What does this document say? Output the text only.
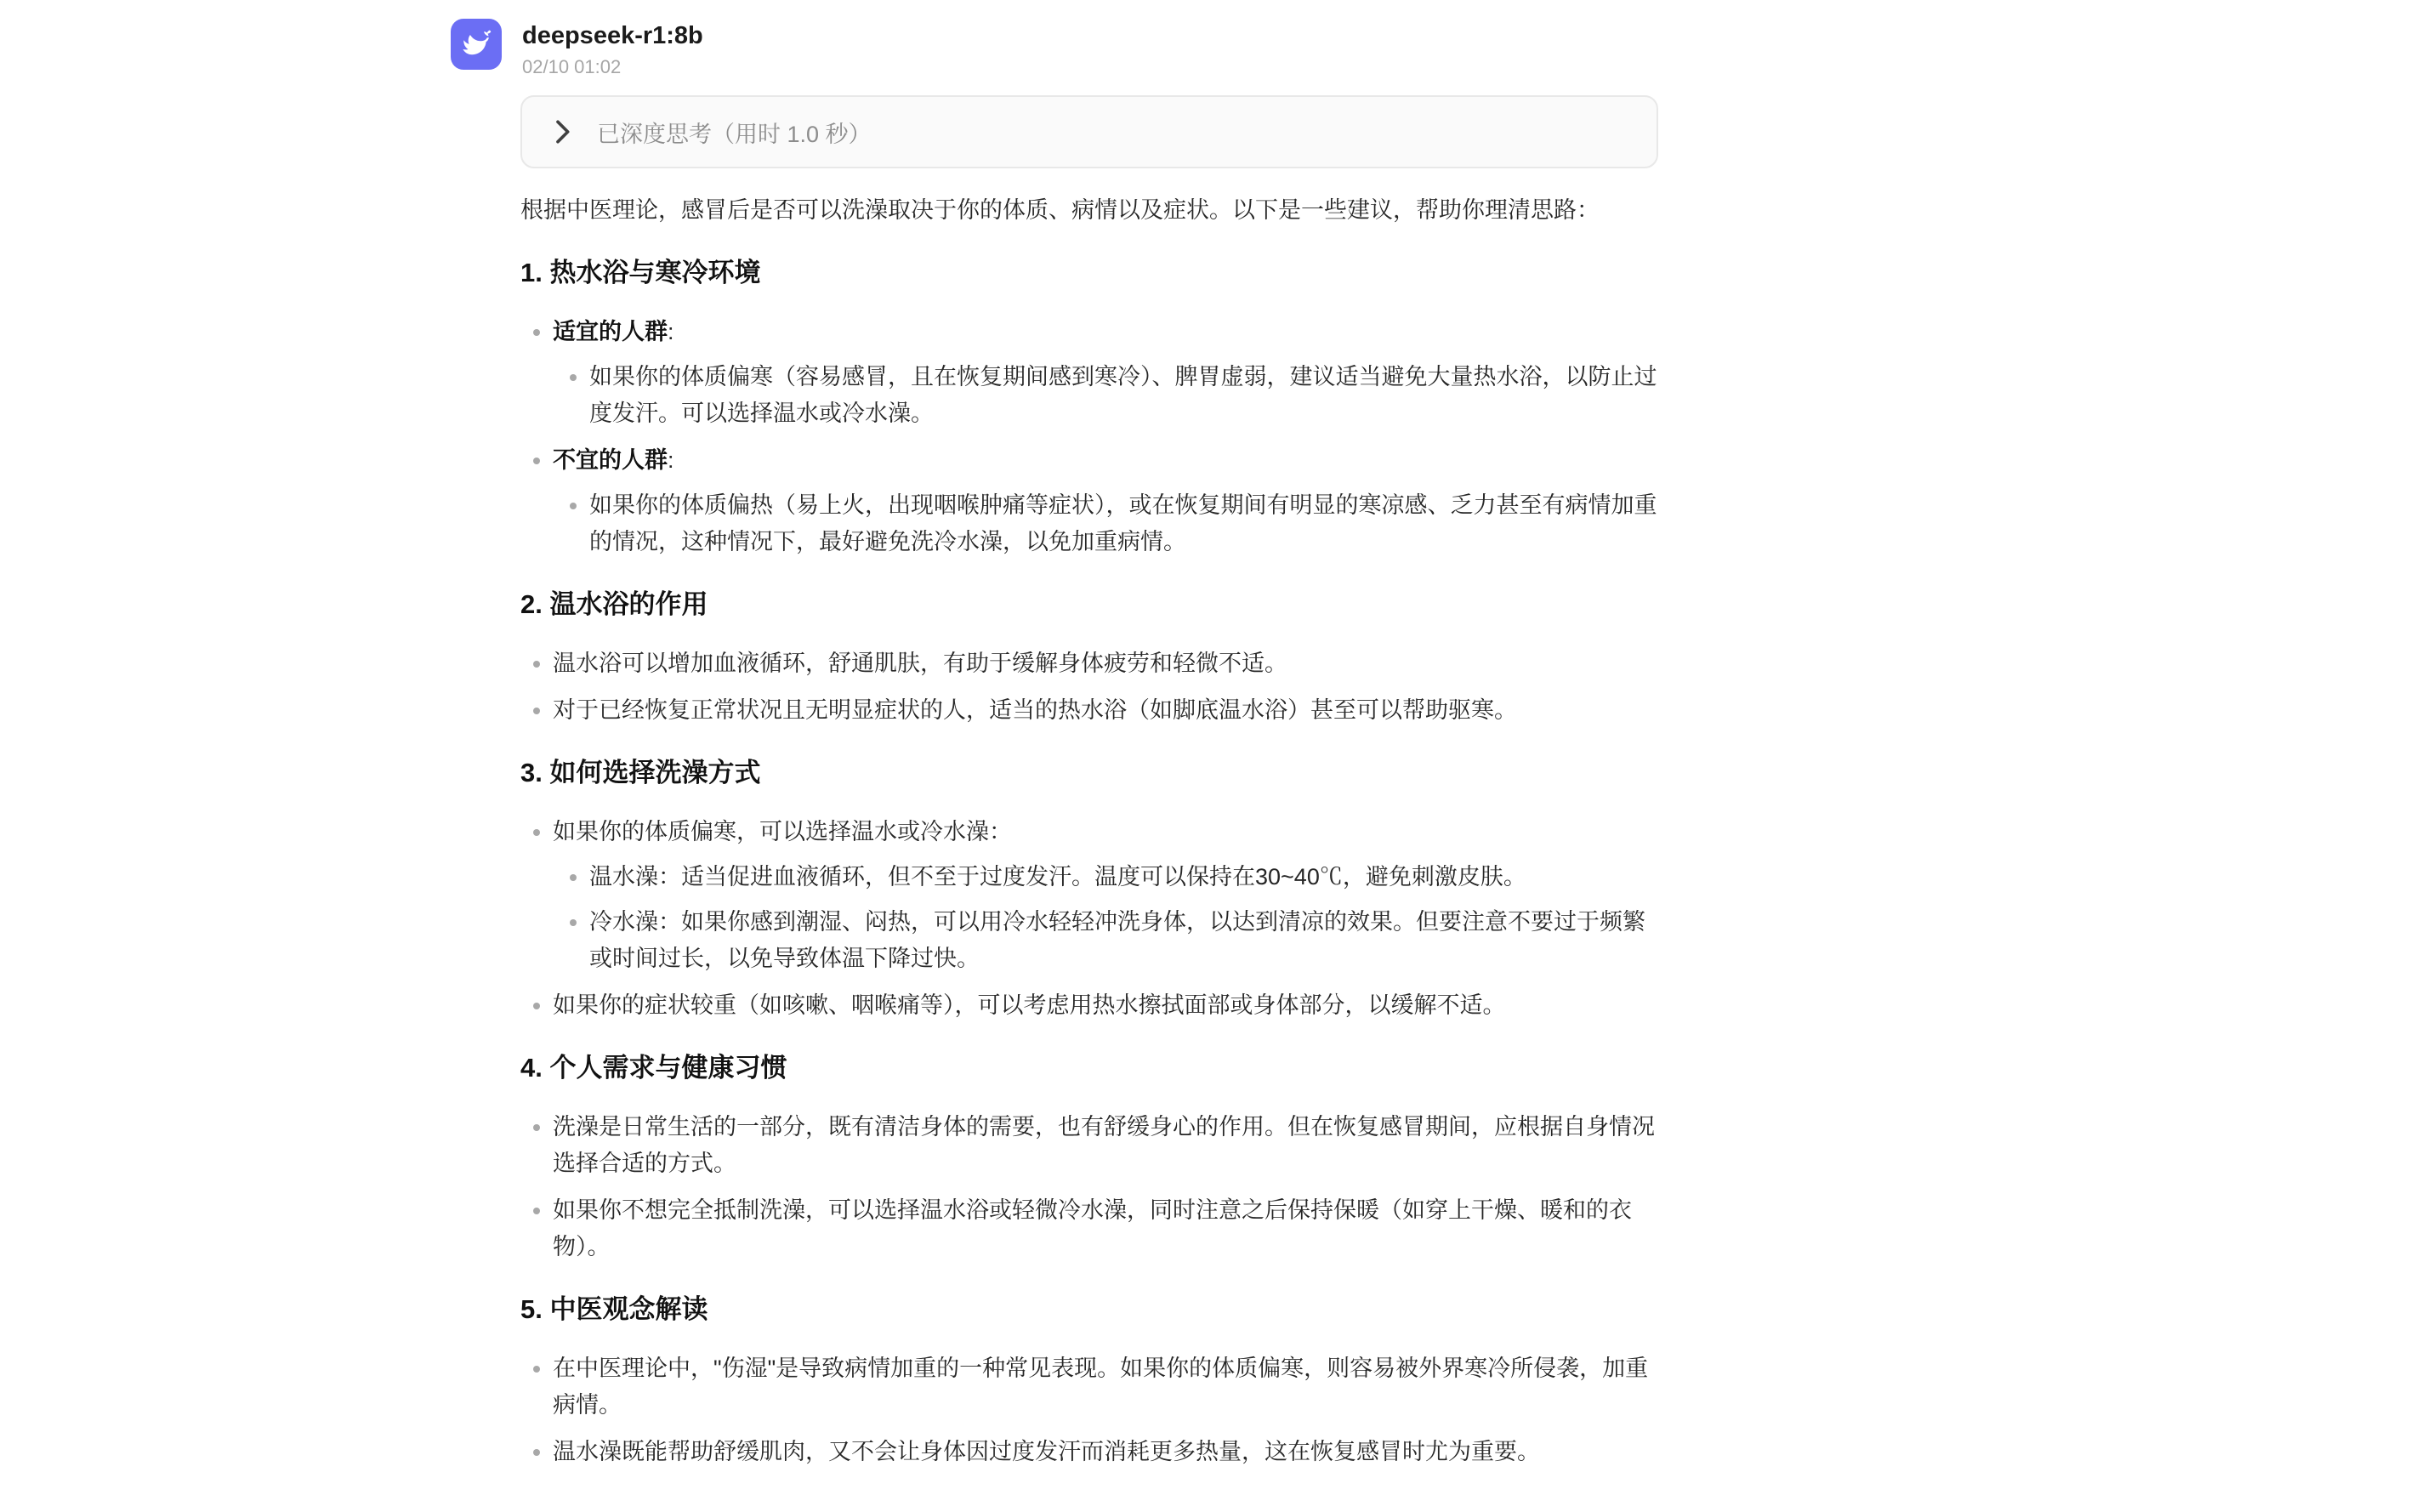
deepseek-r1:8b
02/10 01:02
已深度思考（用时 1.0 秒）

根据中医理论，感冒后是否可以洗澡取决于你的体质、病情以及症状。以下是一些建议，帮助你理清思路：

1. 热水浴与寒冷环境
适宜的人群:
如果你的体质偏寒（容易感冒，且在恢复期间感到寒冷）、脾胃虚弱，建议适当避免大量热水浴，以防止过度发汗。可以选择温水或冷水澡。
不宜的人群:
如果你的体质偏热（易上火，出现咽喉肿痛等症状），或在恢复期间有明显的寒凉感、乏力甚至有病情加重的情况，这种情况下，最好避免洗冷水澡，以免加重病情。
2. 温水浴的作用
温水浴可以增加血液循环，舒通肌肤，有助于缓解身体疲劳和轻微不适。
对于已经恢复正常状况且无明显症状的人，适当的热水浴（如脚底温水浴）甚至可以帮助驱寒。
3. 如何选择洗澡方式
如果你的体质偏寒，可以选择温水或冷水澡：
温水澡：适当促进血液循环，但不至于过度发汗。温度可以保持在30~40℃，避免刺激皮肤。
冷水澡：如果你感到潮湿、闷热，可以用冷水轻轻冲洗身体，以达到清凉的效果。但要注意不要过于频繁或时间过长，以免导致体温下降过快。
如果你的症状较重（如咳嗽、咽喉痛等），可以考虑用热水擦拭面部或身体部分，以缓解不适。
4. 个人需求与健康习惯
洗澡是日常生活的一部分，既有清洁身体的需要，也有舒缓身心的作用。但在恢复感冒期间，应根据自身情况选择合适的方式。
如果你不想完全抵制洗澡，可以选择温水浴或轻微冷水澡，同时注意之后保持保暖（如穿上干燥、暖和的衣物）。
5. 中医观念解读
在中医理论中，"伤湿"是导致病情加重的一种常见表现。如果你的体质偏寒，则容易被外界寒冷所侵袭，加重病情。
温水澡既能帮助舒缓肌肉，又不会让身体因过度发汗而消耗更多热量，这在恢复感冒时尤为重要。
